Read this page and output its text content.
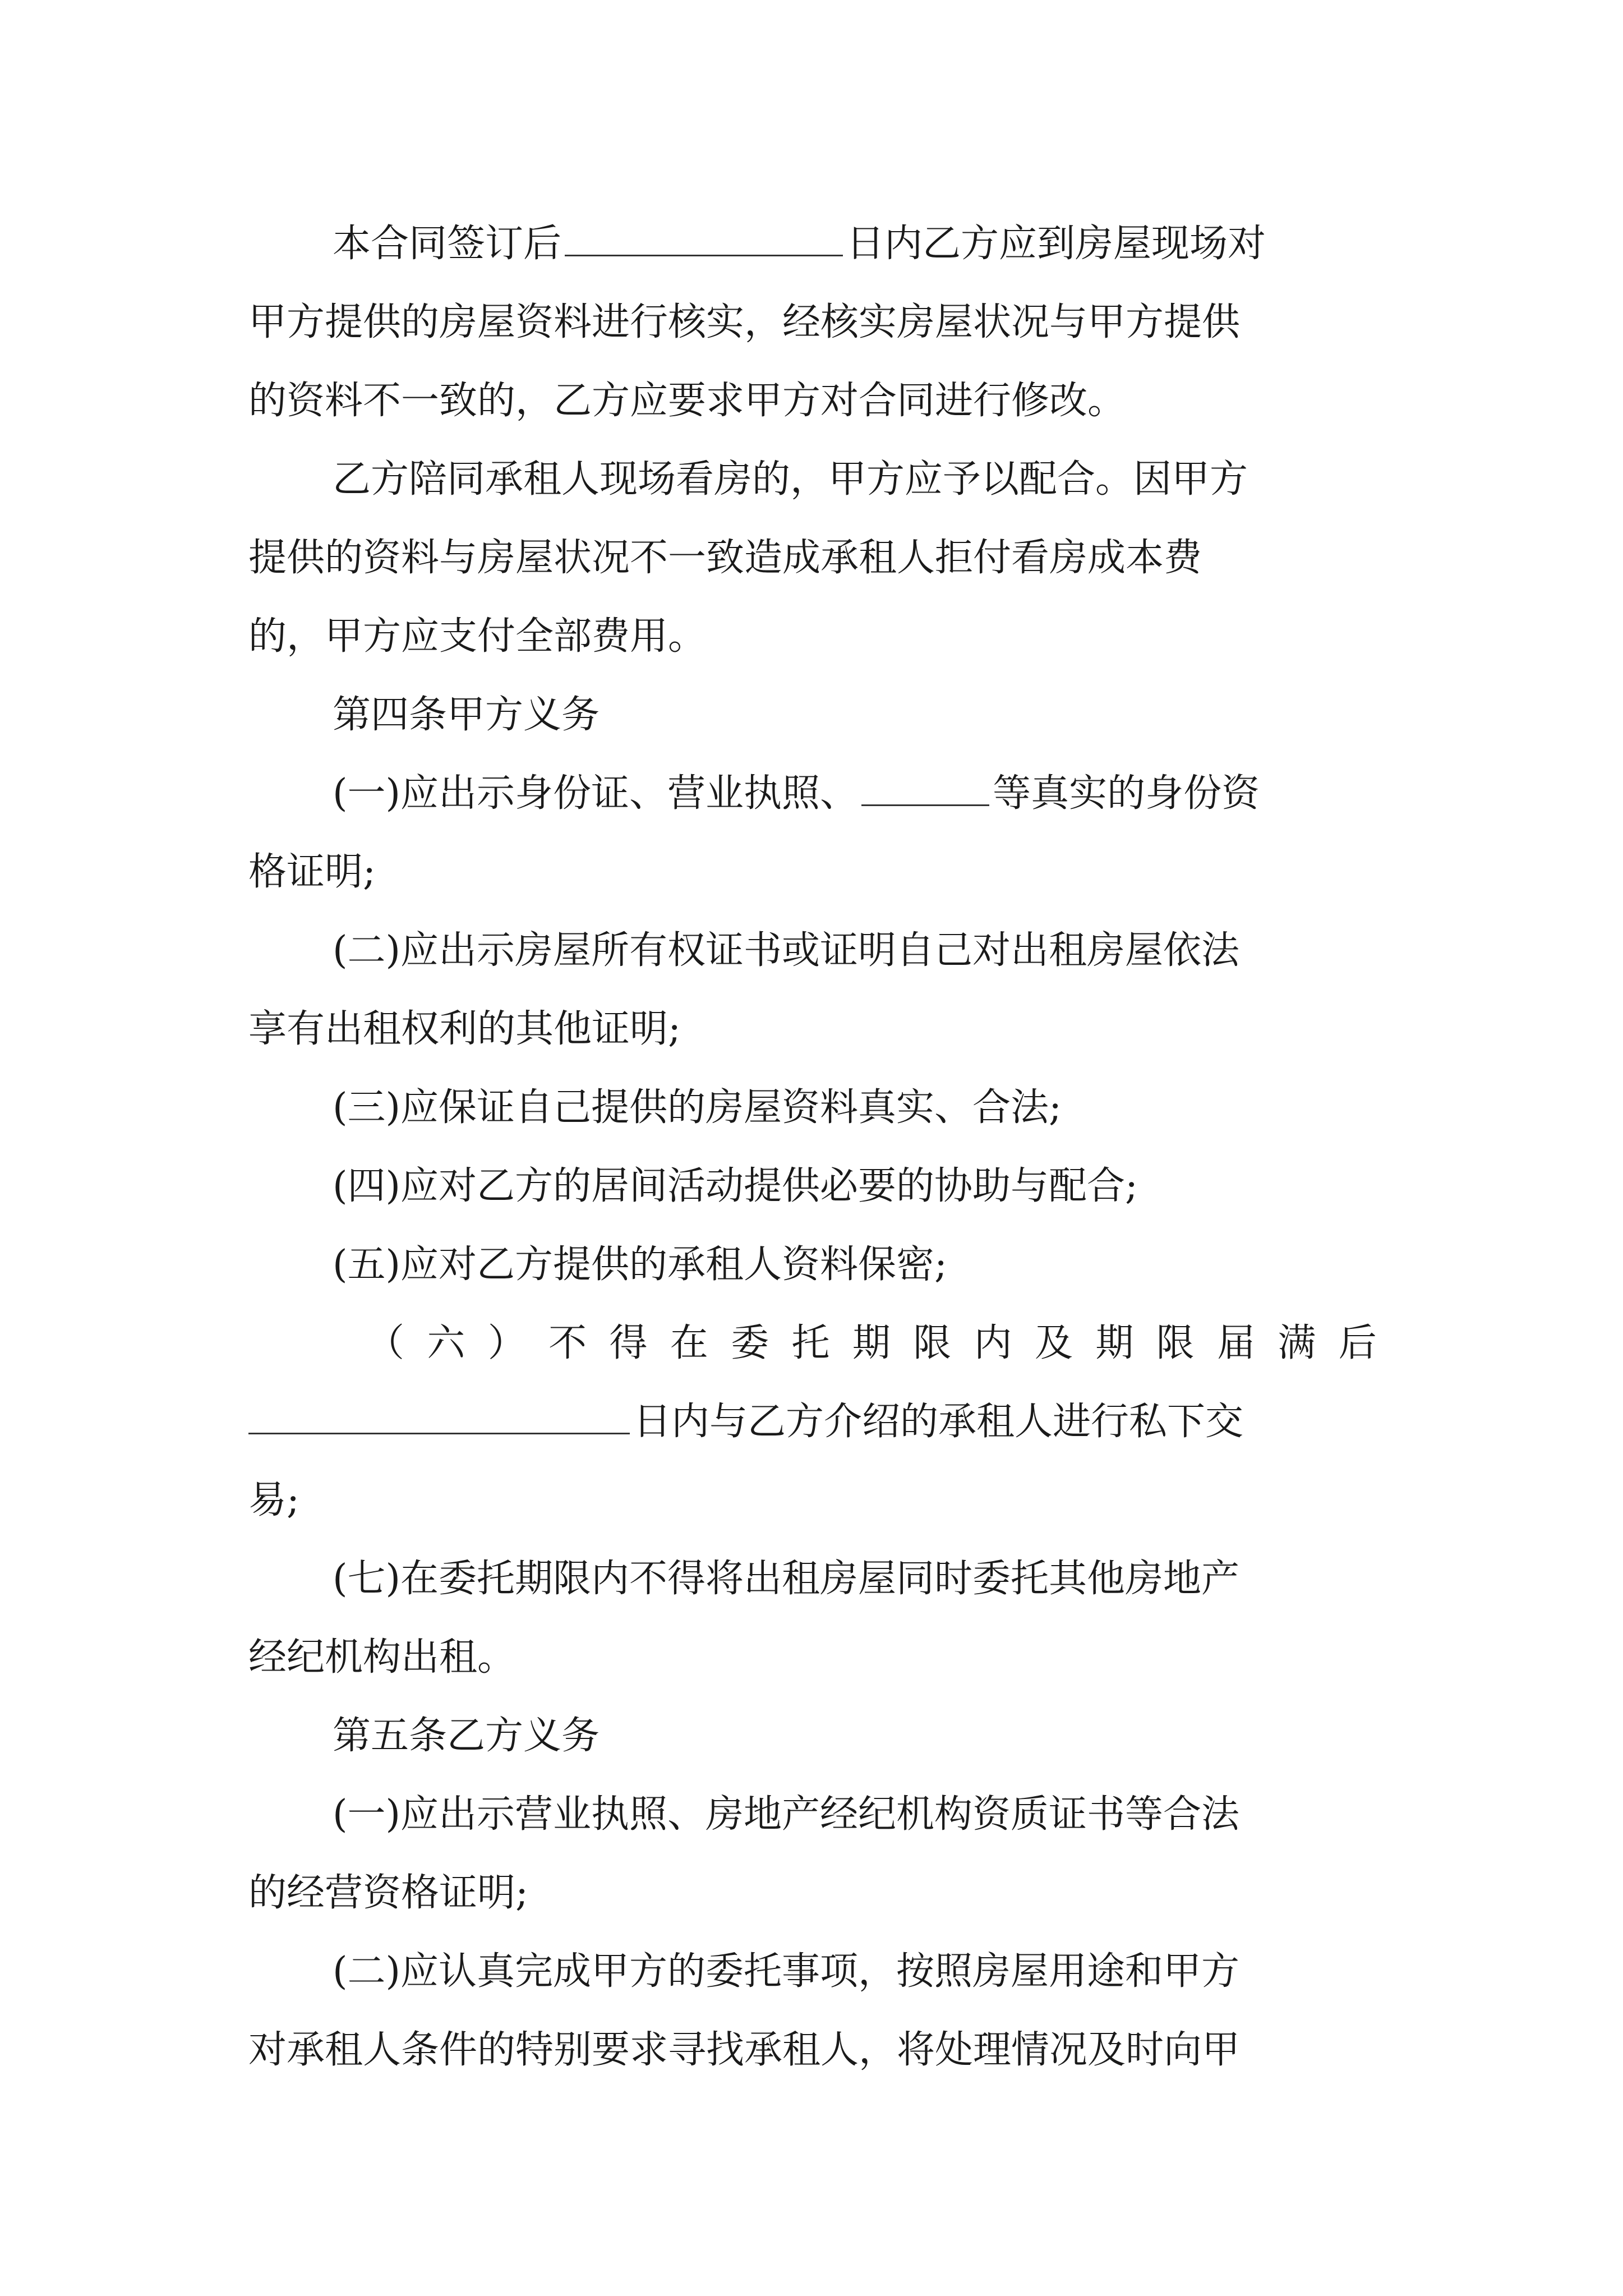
本合同签订后	日内乙方应到房屋现场对
甲方提供的房屋资料进行核实，经核实房屋状况与甲方提供
的资料不一致的，乙方应要求甲方对合同进行修改。
乙方陪同承租人现场看房的，甲方应予以配合。因甲方
提供的资料与房屋状况不一致造成承租人拒付看房成本费
的，甲方应支付全部费用。
第四条甲方义务
(一)应出示身份证、营业执照、	等真实的身份资
格证明;
(二)应出示房屋所有权证书或证明自己对出租房屋依法
享有出租权利的其他证明;
(三)应保证自己提供的房屋资料真实、合法;
(四)应对乙方的居间活动提供必要的协助与配合;
(五)应对乙方提供的承租人资料保密;
（ 六 ） 不 得 在 委 托 期 限 内 及 期 限 届 满 后
日内与乙方介绍的承租人进行私下交
易;
(七)在委托期限内不得将出租房屋同时委托其他房地产
经纪机构出租。
第五条乙方义务
(一)应出示营业执照、房地产经纪机构资质证书等合法
的经营资格证明;
(二)应认真完成甲方的委托事项，按照房屋用途和甲方
对承租人条件的特别要求寻找承租人，将处理情况及时向甲
